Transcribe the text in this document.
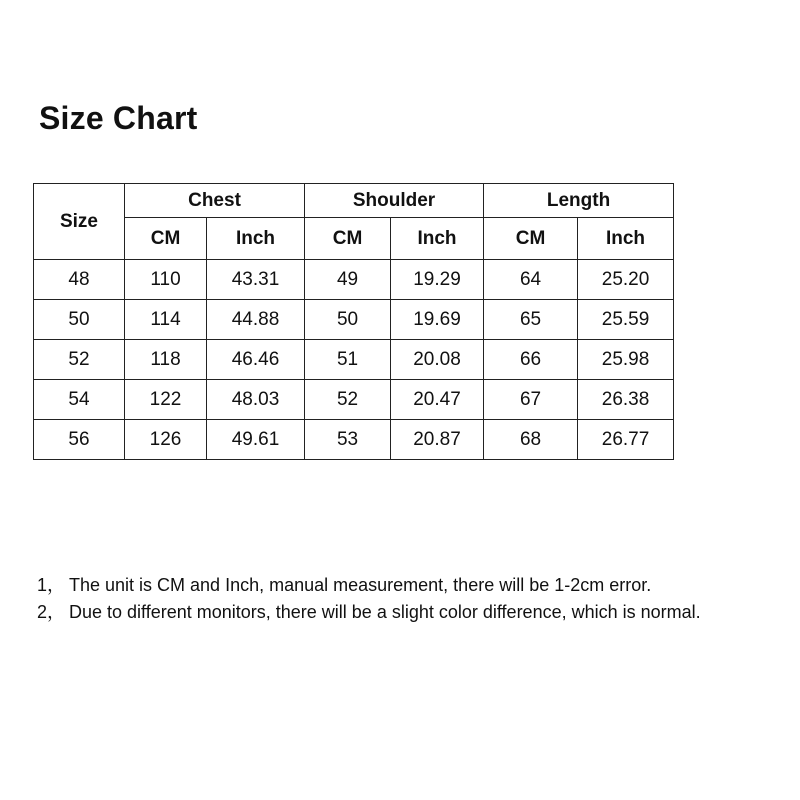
Size Chart
Size	Chest		Shoulder		Length	
	CM	Inch	CM	Inch	CM	Inch
48	110	43.31	49	19.29	64	25.20
50	114	44.88	50	19.69	65	25.59
52	118	46.46	51	20.08	66	25.98
54	122	48.03	52	20.47	67	26.38
56	126	49.61	53	20.87	68	26.77
1， The unit is CM and Inch, manual measurement, there will be 1-2cm error.
2， Due to different monitors, there will be a slight color difference, which is normal.
